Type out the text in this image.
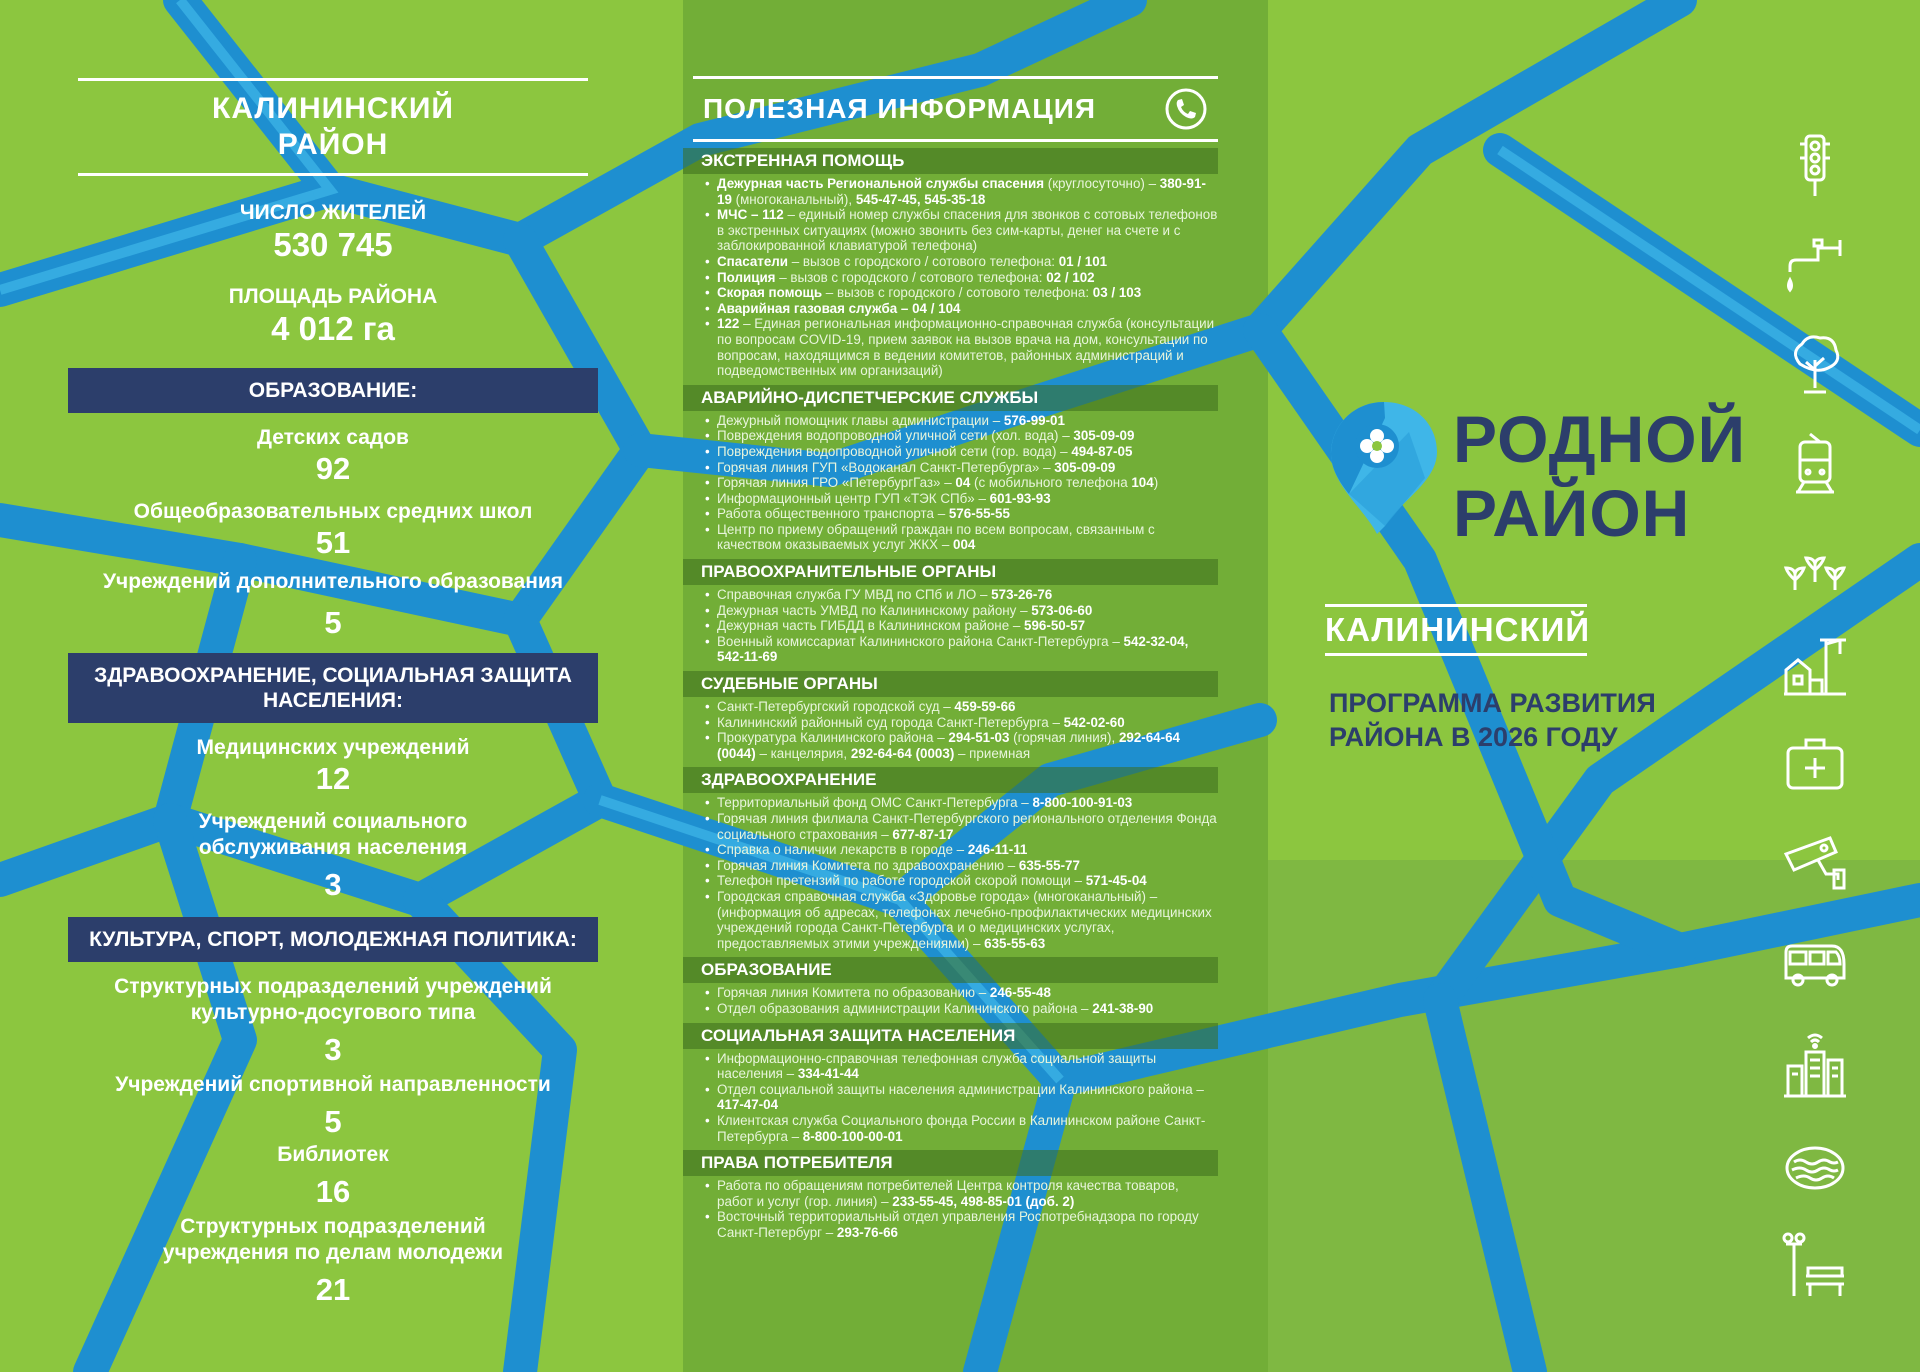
КАЛИНИНСКИЙ
РАЙОН
ЧИСЛО ЖИТЕЛЕЙ
530 745
ПЛОЩАДЬ РАЙОНА
4 012 га
ОБРАЗОВАНИЕ:
Детских садов
92
Общеобразовательных средних школ
51
Учреждений дополнительного образования
5
ЗДРАВООХРАНЕНИЕ, СОЦИАЛЬНАЯ ЗАЩИТА НАСЕЛЕНИЯ:
Медицинских учреждений
12
Учреждений социального обслуживания населения
3
КУЛЬТУРА, СПОРТ, МОЛОДЕЖНАЯ ПОЛИТИКА:
Структурных подразделений учреждений культурно-досугового типа
3
Учреждений спортивной направленности
5
Библиотек
16
Структурных подразделений учреждения по делам молодежи
21
ПОЛЕЗНАЯ ИНФОРМАЦИЯ
ЭКСТРЕННАЯ ПОМОЩЬ
• Дежурная часть Региональной службы спасения (круглосуточно) – 380-91-19 (многоканальный), 545-47-45, 545-35-18
• МЧС – 112 – единый номер службы спасения для звонков с сотовых телефонов в экстренных ситуациях (можно звонить без сим-карты, денег на счете и с заблокированной клавиатурой телефона)
• Спасатели – вызов с городского / сотового телефона: 01 / 101
• Полиция – вызов с городского / сотового телефона: 02 / 102
• Скорая помощь – вызов с городского / сотового телефона: 03 / 103
• Аварийная газовая служба – 04 / 104
• 122 – Единая региональная информационно-справочная служба (консультации по вопросам COVID-19, прием заявок на вызов врача на дом, консультации по вопросам, находящимся в ведении комитетов, районных администраций и подведомственных им организаций)
АВАРИЙНО-ДИСПЕТЧЕРСКИЕ СЛУЖБЫ
• Дежурный помощник главы администрации – 576-99-01
• Повреждения водопроводной уличной сети (хол. вода) – 305-09-09
• Повреждения водопроводной уличной сети (гор. вода) – 494-87-05
• Горячая линия ГУП «Водоканал Санкт-Петербурга» – 305-09-09
• Горячая линия ГРО «ПетербургГаз» – 04 (с мобильного телефона 104)
• Информационный центр ГУП «ТЭК СПб» – 601-93-93
• Работа общественного транспорта – 576-55-55
• Центр по приему обращений граждан по всем вопросам, связанным с качеством оказываемых услуг ЖКХ – 004
ПРАВООХРАНИТЕЛЬНЫЕ ОРГАНЫ
• Справочная служба ГУ МВД по СПб и ЛО – 573-26-76
• Дежурная часть УМВД по Калининскому району – 573-06-60
• Дежурная часть ГИБДД в Калининском районе – 596-50-57
• Военный комиссариат Калининского района Санкт-Петербурга – 542-32-04, 542-11-69
СУДЕБНЫЕ ОРГАНЫ
• Санкт-Петербургский городской суд – 459-59-66
• Калининский районный суд города Санкт-Петербурга – 542-02-60
• Прокуратура Калининского района – 294-51-03 (горячая линия), 292-64-64 (0044) – канцелярия, 292-64-64 (0003) – приемная
ЗДРАВООХРАНЕНИЕ
• Территориальный фонд ОМС Санкт-Петербурга – 8-800-100-91-03
• Горячая линия филиала Санкт-Петербургского регионального отделения Фонда социального страхования – 677-87-17
• Справка о наличии лекарств в городе – 246-11-11
• Горячая линия Комитета по здравоохранению – 635-55-77
• Телефон претензий по работе городской скорой помощи – 571-45-04
• Городская справочная служба «Здоровье города» (многоканальный) – (информация об адресах, телефонах лечебно-профилактических медицинских учреждений города Санкт-Петербурга и о медицинских услугах, предоставляемых этими учреждениями) – 635-55-63
ОБРАЗОВАНИЕ
• Горячая линия Комитета по образованию – 246-55-48
• Отдел образования администрации Калининского района – 241-38-90
СОЦИАЛЬНАЯ ЗАЩИТА НАСЕЛЕНИЯ
• Информационно-справочная телефонная служба социальной защиты населения – 334-41-44
• Отдел социальной защиты населения администрации Калининского района – 417-47-04
• Клиентская служба Социального фонда России в Калининском районе Санкт-Петербурга – 8-800-100-00-01
ПРАВА ПОТРЕБИТЕЛЯ
• Работа по обращениям потребителей Центра контроля качества товаров, работ и услуг (гор. линия) – 233-55-45, 498-85-01 (доб. 2)
• Восточный территориальный отдел управления Роспотребнадзора по городу Санкт-Петербург – 293-76-66
РОДНОЙ
РАЙОН
КАЛИНИНСКИЙ
ПРОГРАММА РАЗВИТИЯ РАЙОНА В 2026 ГОДУ
